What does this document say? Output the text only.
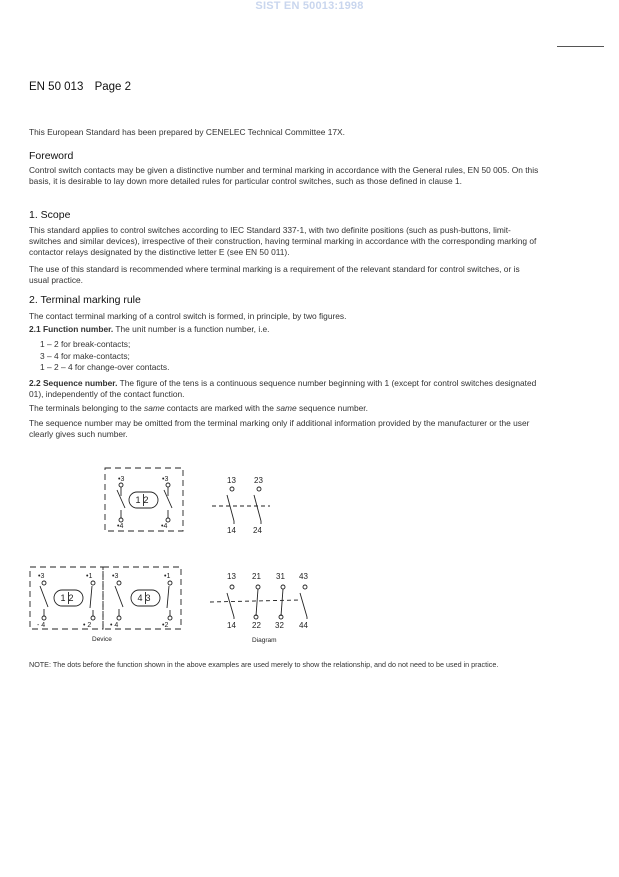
SIST EN 50013:1998
EN 50 013 Page 2
This European Standard has been prepared by CENELEC Technical Committee 17X.
Foreword
Control switch contacts may be given a distinctive number and terminal marking in accordance with the General rules, EN 50 005. On this basis, it is desirable to lay down more detailed rules for particular control switches, such as those defined in clause 1.
1. Scope
This standard applies to control switches according to IEC Standard 337-1, with two definite positions (such as push-buttons, limit-switches and similar devices), irrespective of their construction, having terminal marking in accordance with the corresponding marking of contactor relays designated by the distinctive letter E (see EN 50 011).
The use of this standard is recommended where terminal marking is a requirement of the relevant standard for control switches, or is usual practice.
2. Terminal marking rule
The contact terminal marking of a control switch is formed, in principle, by two figures.
2.1 Function number. The unit number is a function number, i.e.
1 – 2 for break-contacts;
3 – 4 for make-contacts;
1 – 2 – 4 for change-over contacts.
2.2 Sequence number. The figure of the tens is a continuous sequence number beginning with 1 (except for control switches designated 01), independently of the contact function.
The terminals belonging to the same contacts are marked with the same sequence number.
The sequence number may be omitted from the terminal marking only if additional information provided by the manufacturer or the user clearly gives such number.
•3	•3
•4	•4
12
13 23
14 24
•3	•1
- 4	• 2
12
•3	•1
• 4	•2
43
13 21 31 43
14 22 32 44
Device	Diagram
NOTE: The dots before the function shown in the above examples are used merely to show the relationship, and do not need to be used in practice.
